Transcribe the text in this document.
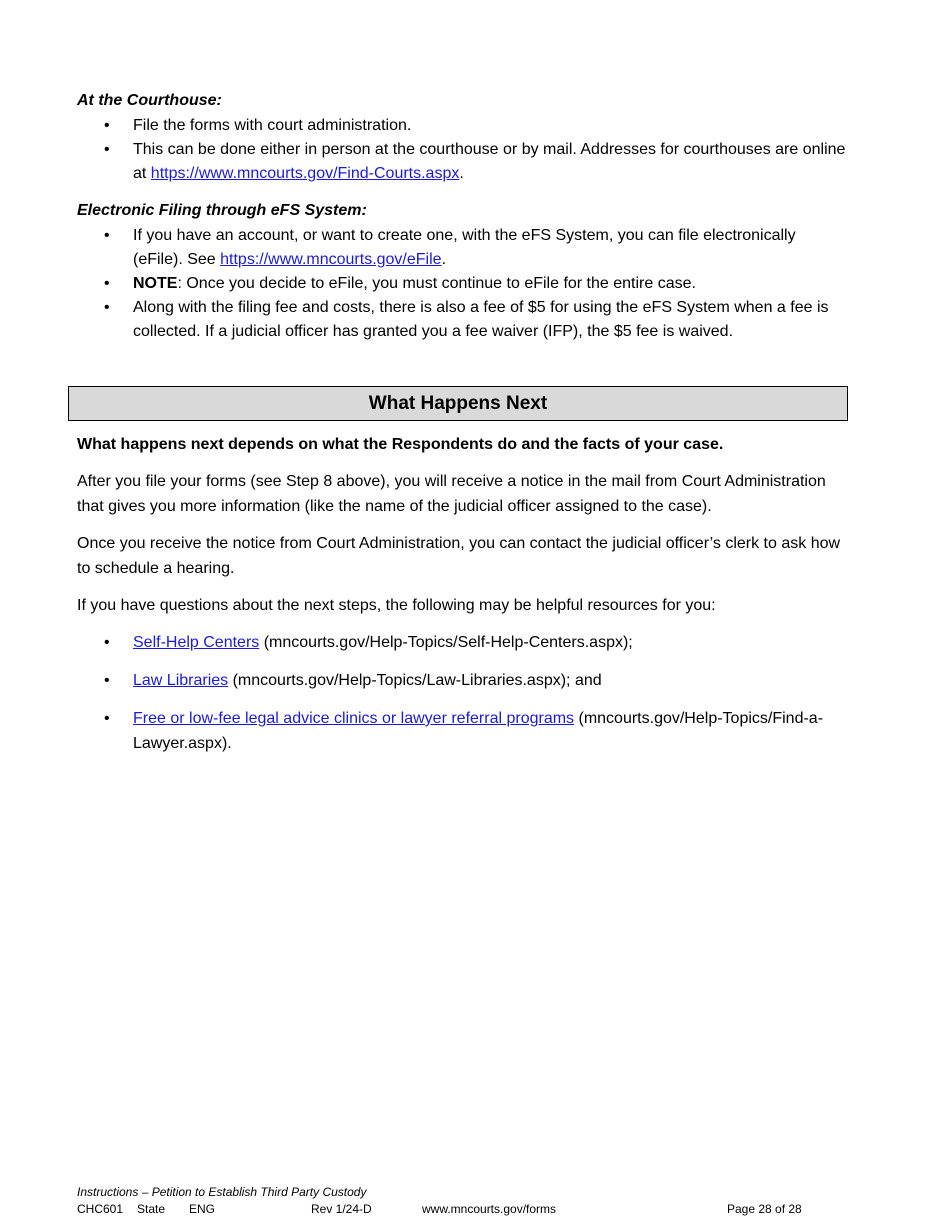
At the Courthouse:

• File the forms with court administration.
• This can be done either in person at the courthouse or by mail. Addresses for courthouses are online at https://www.mncourts.gov/Find-Courts.aspx.

Electronic Filing through eFS System:

• If you have an account, or want to create one, with the eFS System, you can file electronically (eFile). See https://www.mncourts.gov/eFile.
• NOTE: Once you decide to eFile, you must continue to eFile for the entire case.
• Along with the filing fee and costs, there is also a fee of $5 for using the eFS System when a fee is collected. If a judicial officer has granted you a fee waiver (IFP), the $5 fee is waived.
What Happens Next

What happens next depends on what the Respondents do and the facts of your case.

After you file your forms (see Step 8 above), you will receive a notice in the mail from Court Administration that gives you more information (like the name of the judicial officer assigned to the case).

Once you receive the notice from Court Administration, you can contact the judicial officer’s clerk to ask how to schedule a hearing.

If you have questions about the next steps, the following may be helpful resources for you:

• Self-Help Centers (mncourts.gov/Help-Topics/Self-Help-Centers.aspx);
• Law Libraries (mncourts.gov/Help-Topics/Law-Libraries.aspx); and
• Free or low-fee legal advice clinics or lawyer referral programs (mncourts.gov/Help-Topics/Find-a-Lawyer.aspx).
Instructions – Petition to Establish Third Party Custody
CHC601 State ENG	Rev 1/24-D	www.mncourts.gov/forms	Page 28 of 28
